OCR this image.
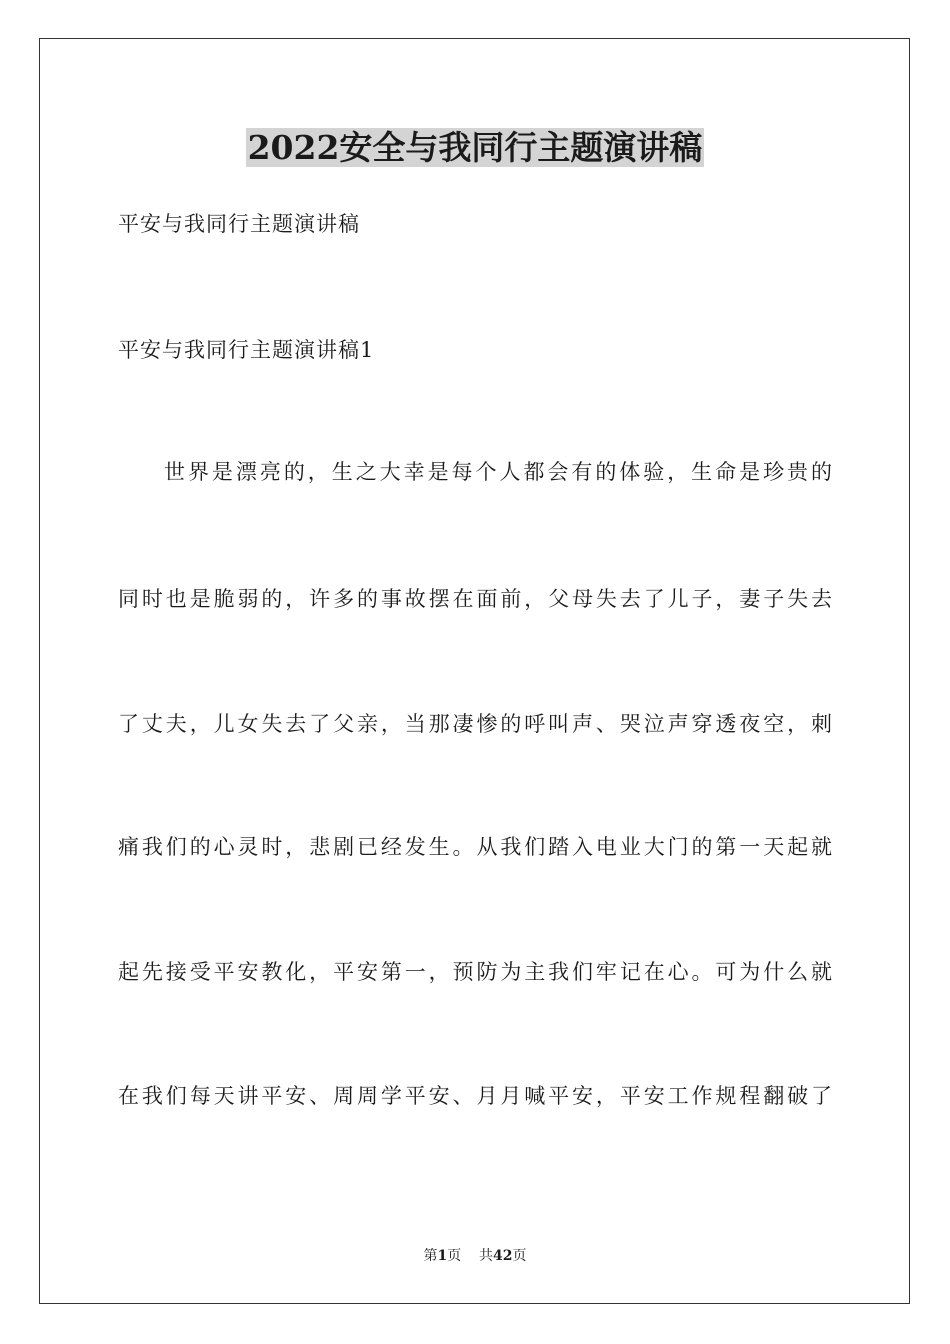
2022安全与我同行主题演讲稿
平安与我同行主题演讲稿
平安与我同行主题演讲稿1
世界是漂亮的，生之大幸是每个人都会有的体验，生命是珍贵的
同时也是脆弱的，许多的事故摆在面前，父母失去了儿子，妻子失去
了丈夫，儿女失去了父亲，当那凄惨的呼叫声、哭泣声穿透夜空，刺
痛我们的心灵时，悲剧已经发生。从我们踏入电业大门的第一天起就
起先接受平安教化，平安第一，预防为主我们牢记在心。可为什么就
在我们每天讲平安、周周学平安、月月喊平安，平安工作规程翻破了
第1页 共42页
